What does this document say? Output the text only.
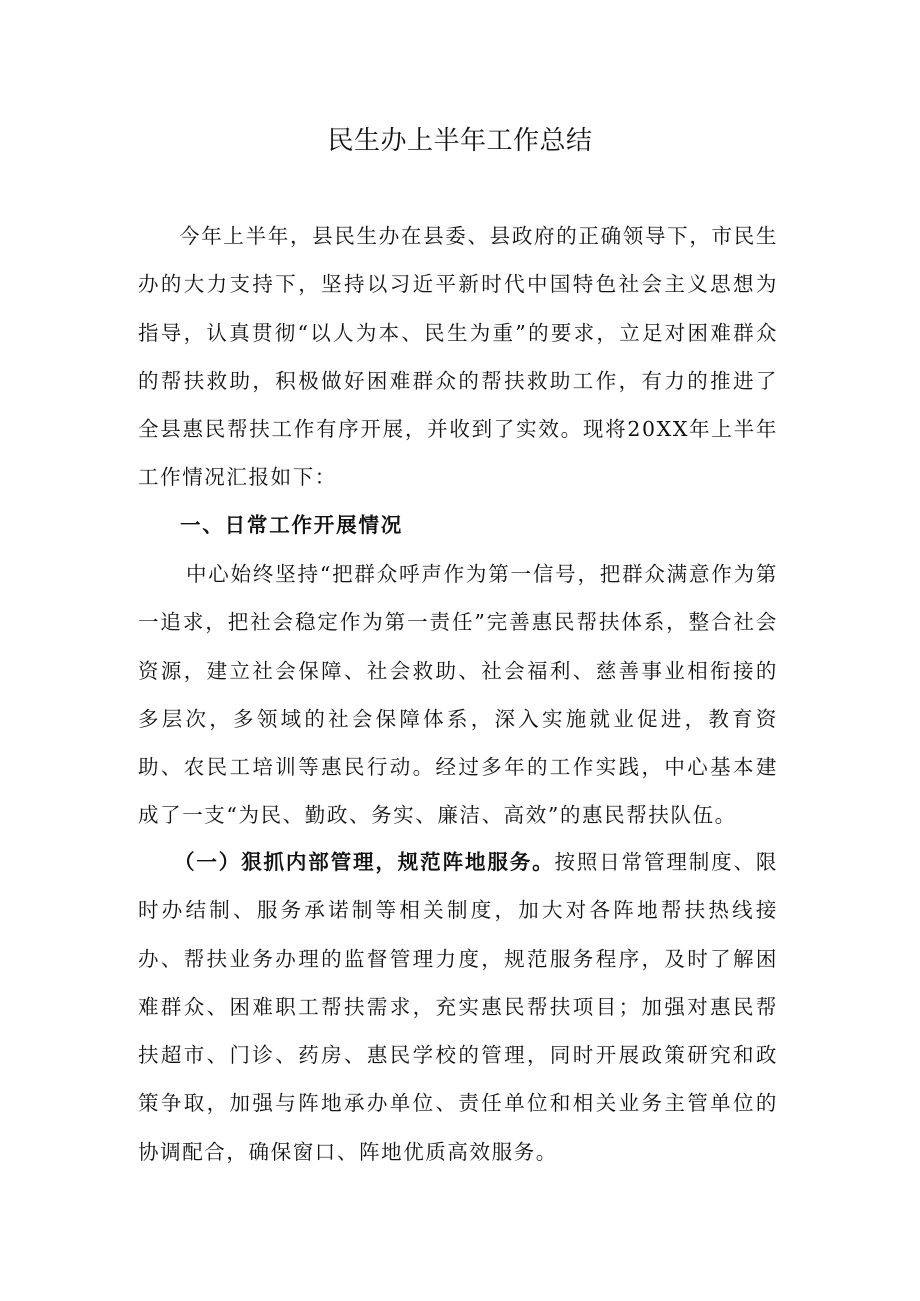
民生办上半年工作总结

今年上半年，县民生办在县委、县政府的正确领导下，市民生办的大力支持下，坚持以习近平新时代中国特色社会主义思想为指导，认真贯彻“以人为本、民生为重”的要求，立足对困难群众的帮扶救助，积极做好困难群众的帮扶救助工作，有力的推进了全县惠民帮扶工作有序开展，并收到了实效。现将20XX年上半年工作情况汇报如下：

一、日常工作开展情况

中心始终坚持“把群众呼声作为第一信号，把群众满意作为第一追求，把社会稳定作为第一责任”完善惠民帮扶体系，整合社会资源，建立社会保障、社会救助、社会福利、慈善事业相衔接的多层次，多领域的社会保障体系，深入实施就业促进，教育资助、农民工培训等惠民行动。经过多年的工作实践，中心基本建成了一支“为民、勤政、务实、廉洁、高效”的惠民帮扶队伍。

（一）狠抓内部管理，规范阵地服务。按照日常管理制度、限时办结制、服务承诺制等相关制度，加大对各阵地帮扶热线接办、帮扶业务办理的监督管理力度，规范服务程序，及时了解困难群众、困难职工帮扶需求，充实惠民帮扶项目；加强对惠民帮扶超市、门诊、药房、惠民学校的管理，同时开展政策研究和政策争取，加强与阵地承办单位、责任单位和相关业务主管单位的协调配合，确保窗口、阵地优质高效服务。
